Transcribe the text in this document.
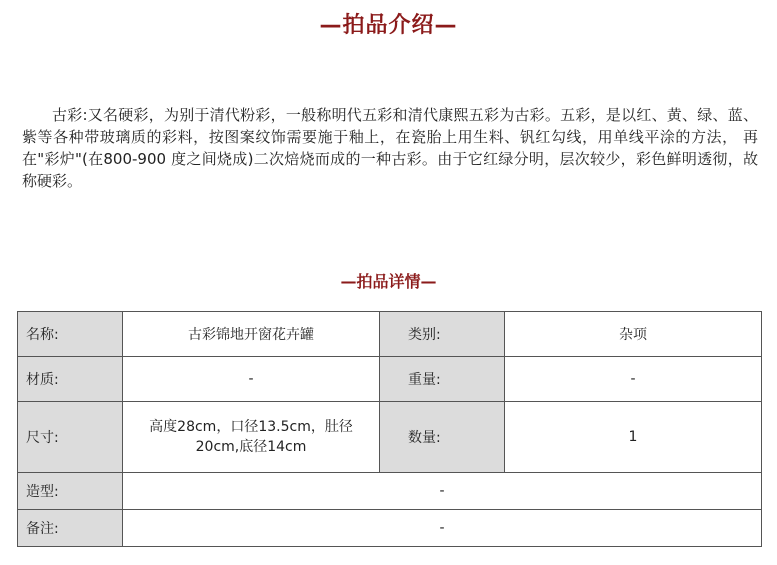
—拍品介绍—

古彩:又名硬彩，为别于清代粉彩，一般称明代五彩和清代康熙五彩为古彩。五彩，是以红、黄、绿、蓝、紫等各种带玻璃质的彩料，按图案纹饰需要施于釉上，在瓷胎上用生料、钒红勾线，用单线平涂的方法， 再在"彩炉"(在800-900 度之间烧成)二次焙烧而成的一种古彩。由于它红绿分明，层次较少，彩色鲜明透彻，故称硬彩。

—拍品详情—
名称:	古彩锦地开窗花卉罐	类别:	杂项
材质:	-	重量:	-
尺寸:	高度28cm，口径13.5cm，肚径20cm,底径14cm	数量:	1
造型:	-		
备注:	-		
